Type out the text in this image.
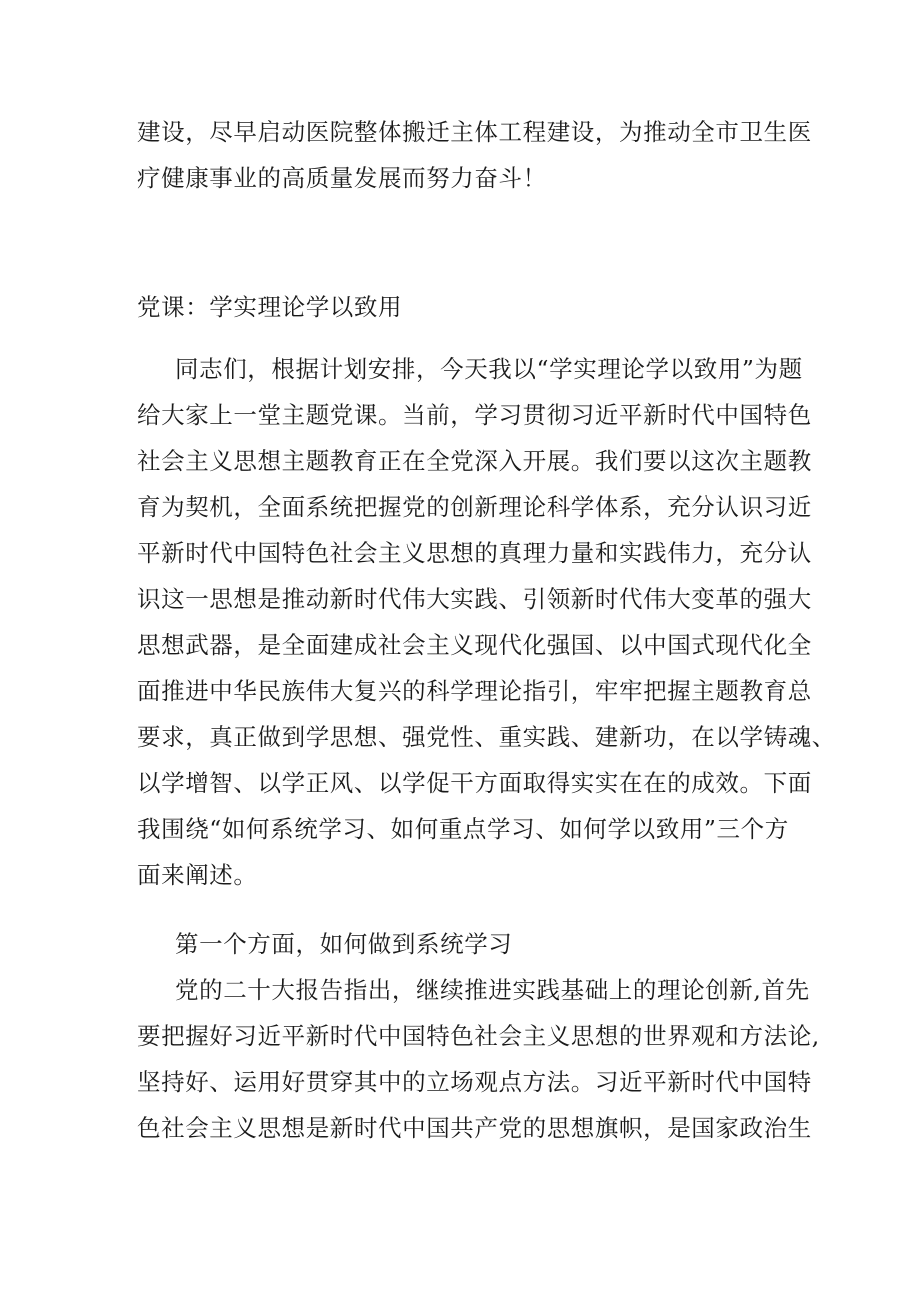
建设，尽早启动医院整体搬迁主体工程建设，为推动全市卫生医
疗健康事业的高质量发展而努力奋斗！
党课：学实理论学以致用
同志们，根据计划安排，今天我以“学实理论学以致用”为题
给大家上一堂主题党课。当前，学习贯彻习近平新时代中国特色
社会主义思想主题教育正在全党深入开展。我们要以这次主题教
育为契机，全面系统把握党的创新理论科学体系，充分认识习近
平新时代中国特色社会主义思想的真理力量和实践伟力，充分认
识这一思想是推动新时代伟大实践、引领新时代伟大变革的强大
思想武器，是全面建成社会主义现代化强国、以中国式现代化全
面推进中华民族伟大复兴的科学理论指引，牢牢把握主题教育总
要求，真正做到学思想、强党性、重实践、建新功，在以学铸魂、
以学增智、以学正风、以学促干方面取得实实在在的成效。下面
我围绕“如何系统学习、如何重点学习、如何学以致用”三个方
面来阐述。
第一个方面，如何做到系统学习
党的二十大报告指出，继续推进实践基础上的理论创新,首先
要把握好习近平新时代中国特色社会主义思想的世界观和方法论,
坚持好、运用好贯穿其中的立场观点方法。习近平新时代中国特
色社会主义思想是新时代中国共产党的思想旗帜，是国家政治生
